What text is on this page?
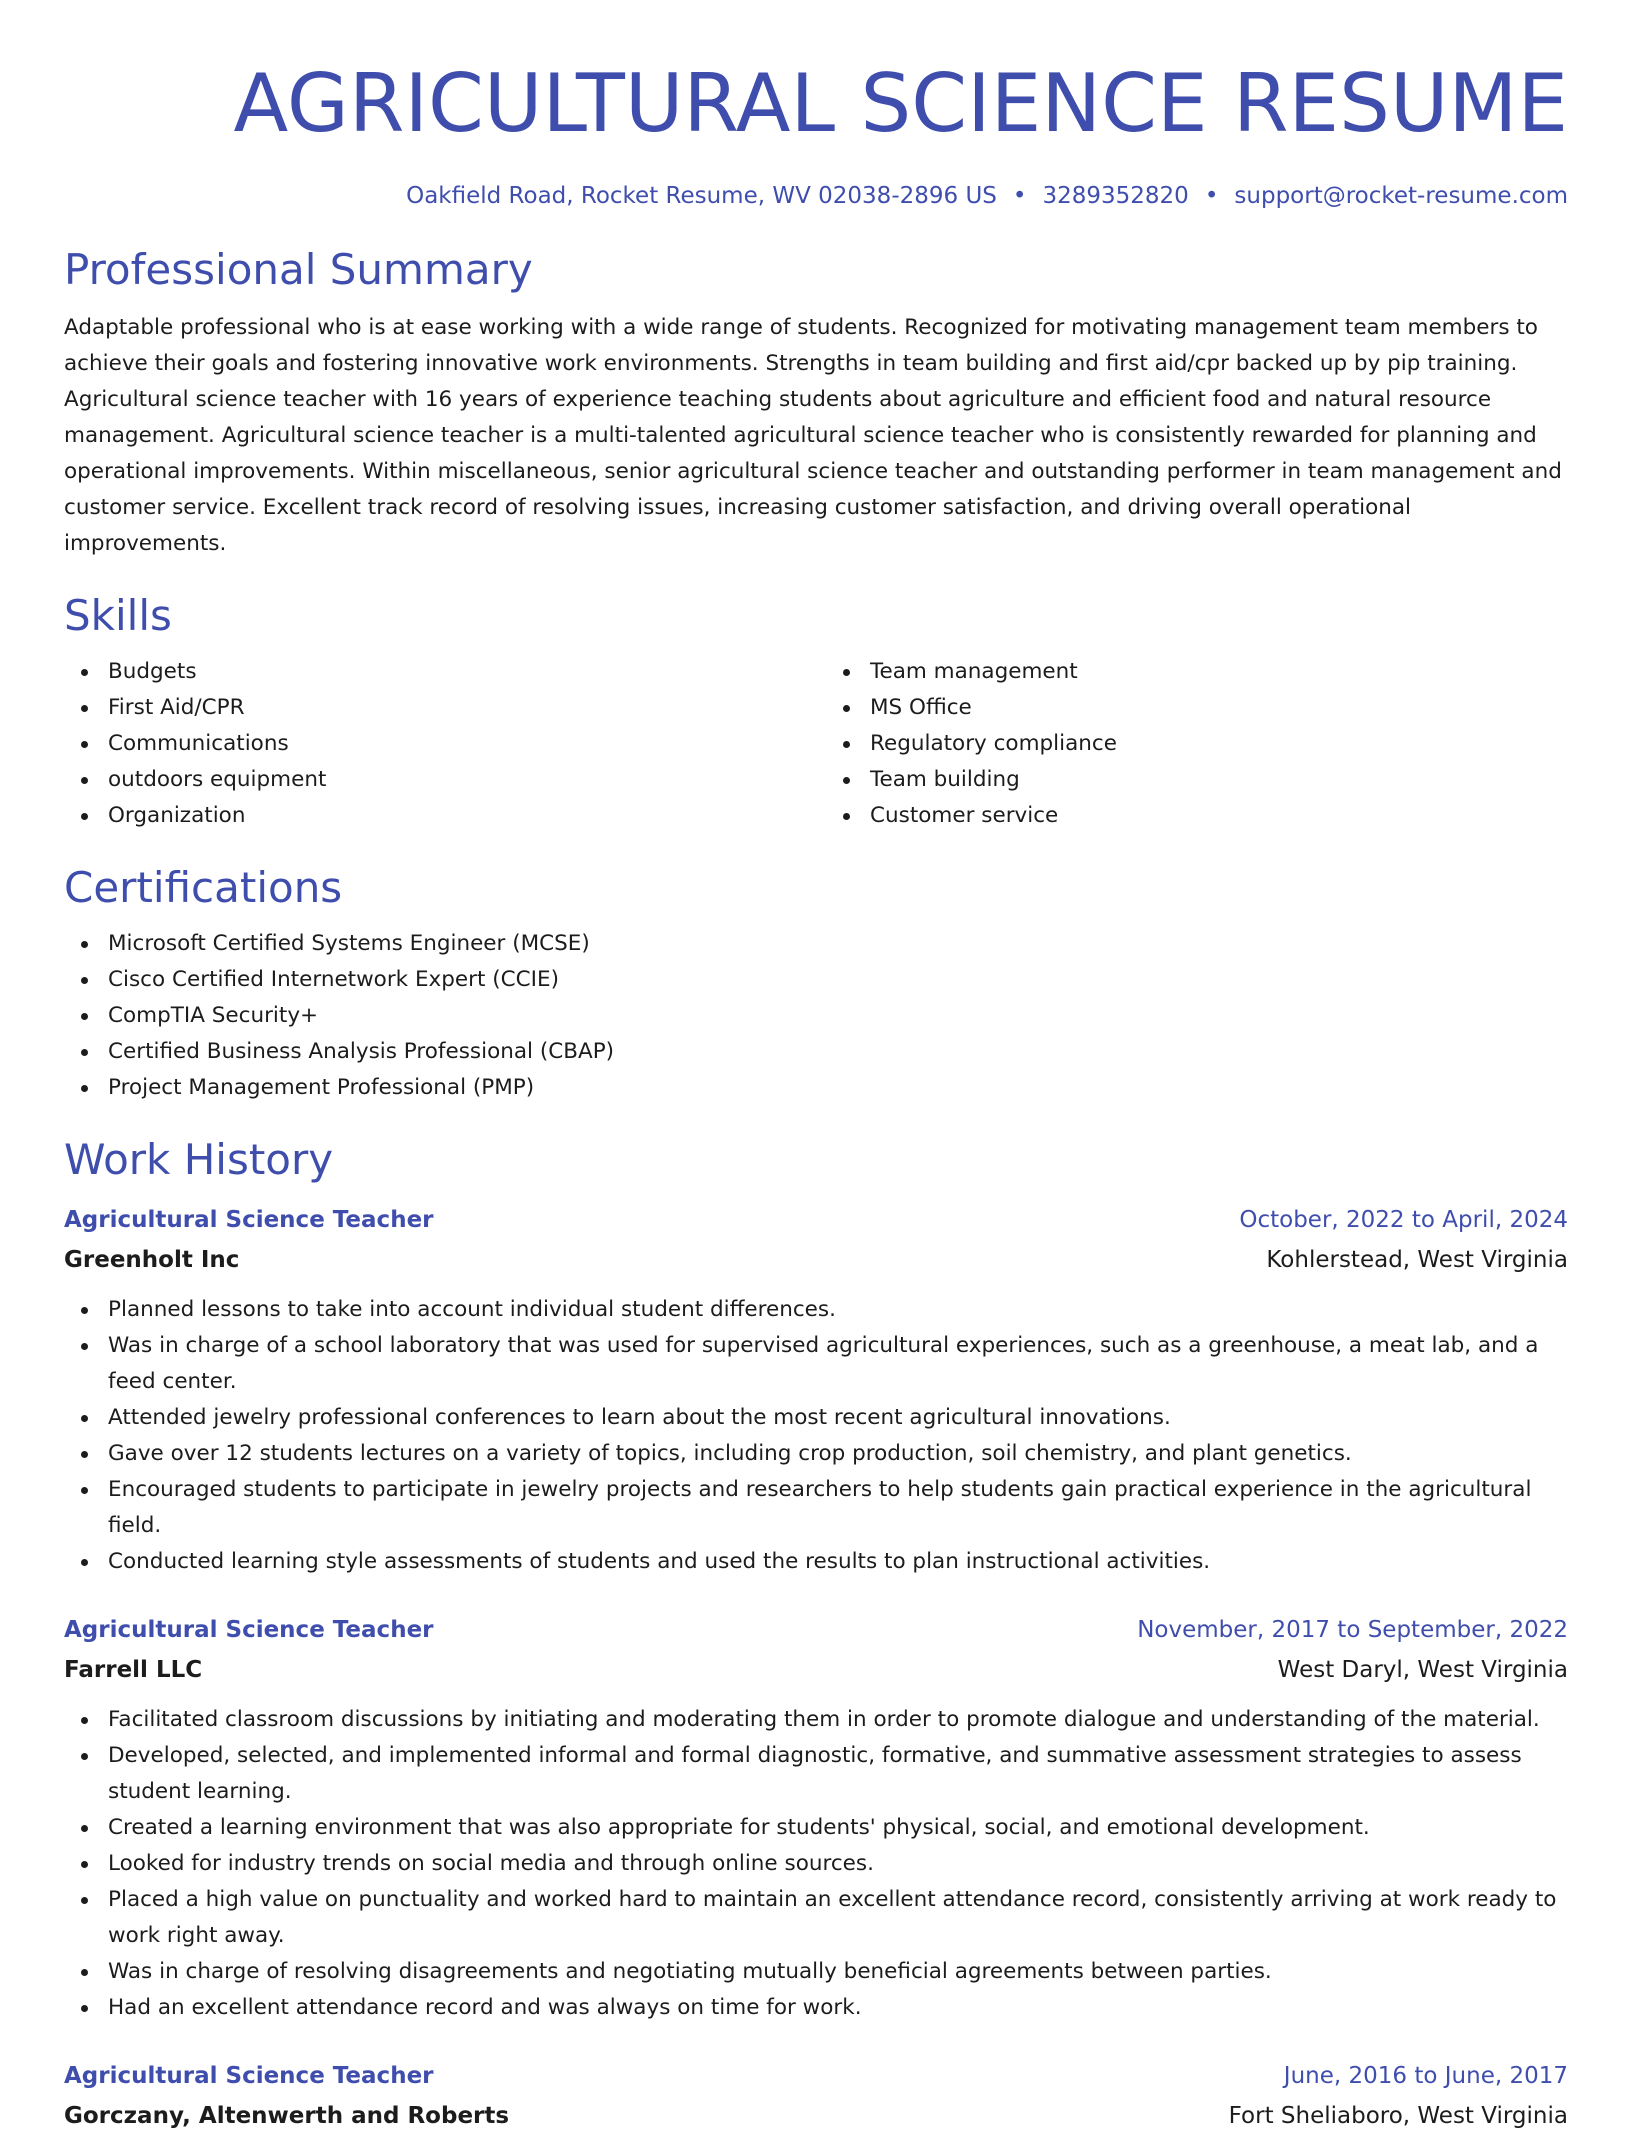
AGRICULTURAL SCIENCE RESUME
Oakfield Road, Rocket Resume, WV 02038-2896 US • 3289352820 • support@rocket-resume.com
Professional Summary

Adaptable professional who is at ease working with a wide range of students. Recognized for motivating management team members to achieve their goals and fostering innovative work environments. Strengths in team building and first aid/cpr backed up by pip training. Agricultural science teacher with 16 years of experience teaching students about agriculture and efficient food and natural resource management. Agricultural science teacher is a multi-talented agricultural science teacher who is consistently rewarded for planning and operational improvements. Within miscellaneous, senior agricultural science teacher and outstanding performer in team management and customer service. Excellent track record of resolving issues, increasing customer satisfaction, and driving overall operational improvements.

Skills
Budgets
First Aid/CPR
Communications
outdoors equipment
Organization
Team management
MS Office
Regulatory compliance
Team building
Customer service
Certifications
Microsoft Certified Systems Engineer (MCSE)
Cisco Certified Internetwork Expert (CCIE)
CompTIA Security+
Certified Business Analysis Professional (CBAP)
Project Management Professional (PMP)
Work History
Agricultural Science Teacher	October, 2022 to April, 2024
Greenholt Inc	Kohlerstead, West Virginia
Planned lessons to take into account individual student differences.
Was in charge of a school laboratory that was used for supervised agricultural experiences, such as a greenhouse, a meat lab, and a feed center.
Attended jewelry professional conferences to learn about the most recent agricultural innovations.
Gave over 12 students lectures on a variety of topics, including crop production, soil chemistry, and plant genetics.
Encouraged students to participate in jewelry projects and researchers to help students gain practical experience in the agricultural field.
Conducted learning style assessments of students and used the results to plan instructional activities.
Agricultural Science Teacher	November, 2017 to September, 2022
Farrell LLC	West Daryl, West Virginia
Facilitated classroom discussions by initiating and moderating them in order to promote dialogue and understanding of the material.
Developed, selected, and implemented informal and formal diagnostic, formative, and summative assessment strategies to assess student learning.
Created a learning environment that was also appropriate for students' physical, social, and emotional development.
Looked for industry trends on social media and through online sources.
Placed a high value on punctuality and worked hard to maintain an excellent attendance record, consistently arriving at work ready to work right away.
Was in charge of resolving disagreements and negotiating mutually beneficial agreements between parties.
Had an excellent attendance record and was always on time for work.
Agricultural Science Teacher	June, 2016 to June, 2017
Gorczany, Altenwerth and Roberts	Fort Sheliaboro, West Virginia
